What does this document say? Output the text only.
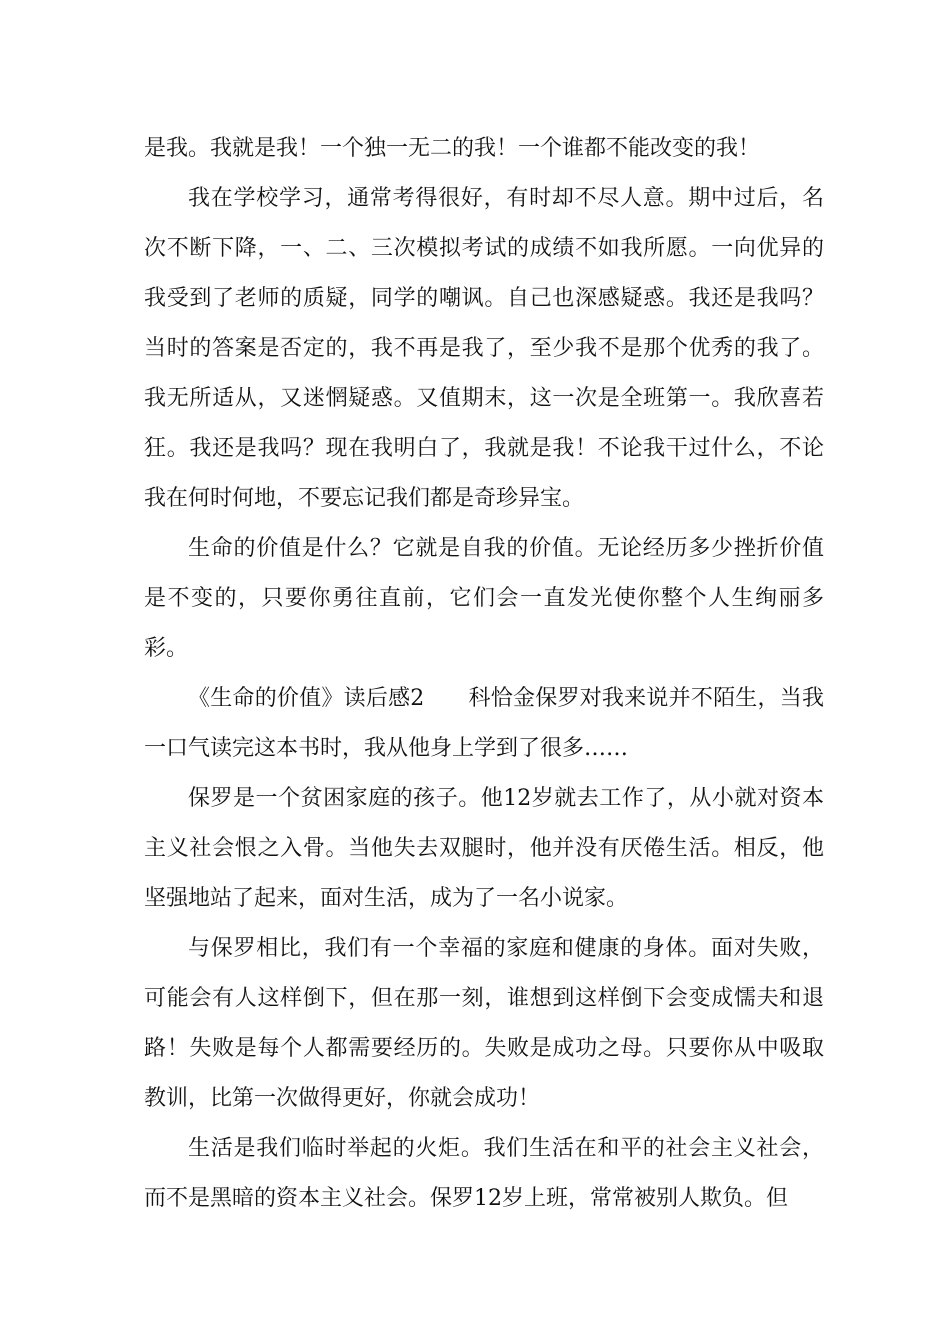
是我。我就是我！一个独一无二的我！一个谁都不能改变的我！

我在学校学习，通常考得很好，有时却不尽人意。期中过后，名次不断下降，一、二、三次模拟考试的成绩不如我所愿。一向优异的我受到了老师的质疑，同学的嘲讽。自己也深感疑惑。我还是我吗？当时的答案是否定的，我不再是我了，至少我不是那个优秀的我了。我无所适从，又迷惘疑惑。又值期末，这一次是全班第一。我欣喜若狂。我还是我吗？现在我明白了，我就是我！不论我干过什么，不论我在何时何地，不要忘记我们都是奇珍异宝。

生命的价值是什么？它就是自我的价值。无论经历多少挫折价值是不变的，只要你勇往直前，它们会一直发光使你整个人生绚丽多彩。

《生命的价值》读后感2 科恰金保罗对我来说并不陌生，当我一口气读完这本书时，我从他身上学到了很多……

保罗是一个贫困家庭的孩子。他12岁就去工作了，从小就对资本主义社会恨之入骨。当他失去双腿时，他并没有厌倦生活。相反，他坚强地站了起来，面对生活，成为了一名小说家。

与保罗相比，我们有一个幸福的家庭和健康的身体。面对失败，可能会有人这样倒下，但在那一刻，谁想到这样倒下会变成懦夫和退路！失败是每个人都需要经历的。失败是成功之母。只要你从中吸取教训，比第一次做得更好，你就会成功！

生活是我们临时举起的火炬。我们生活在和平的社会主义社会，而不是黑暗的资本主义社会。保罗12岁上班，常常被别人欺负。但
